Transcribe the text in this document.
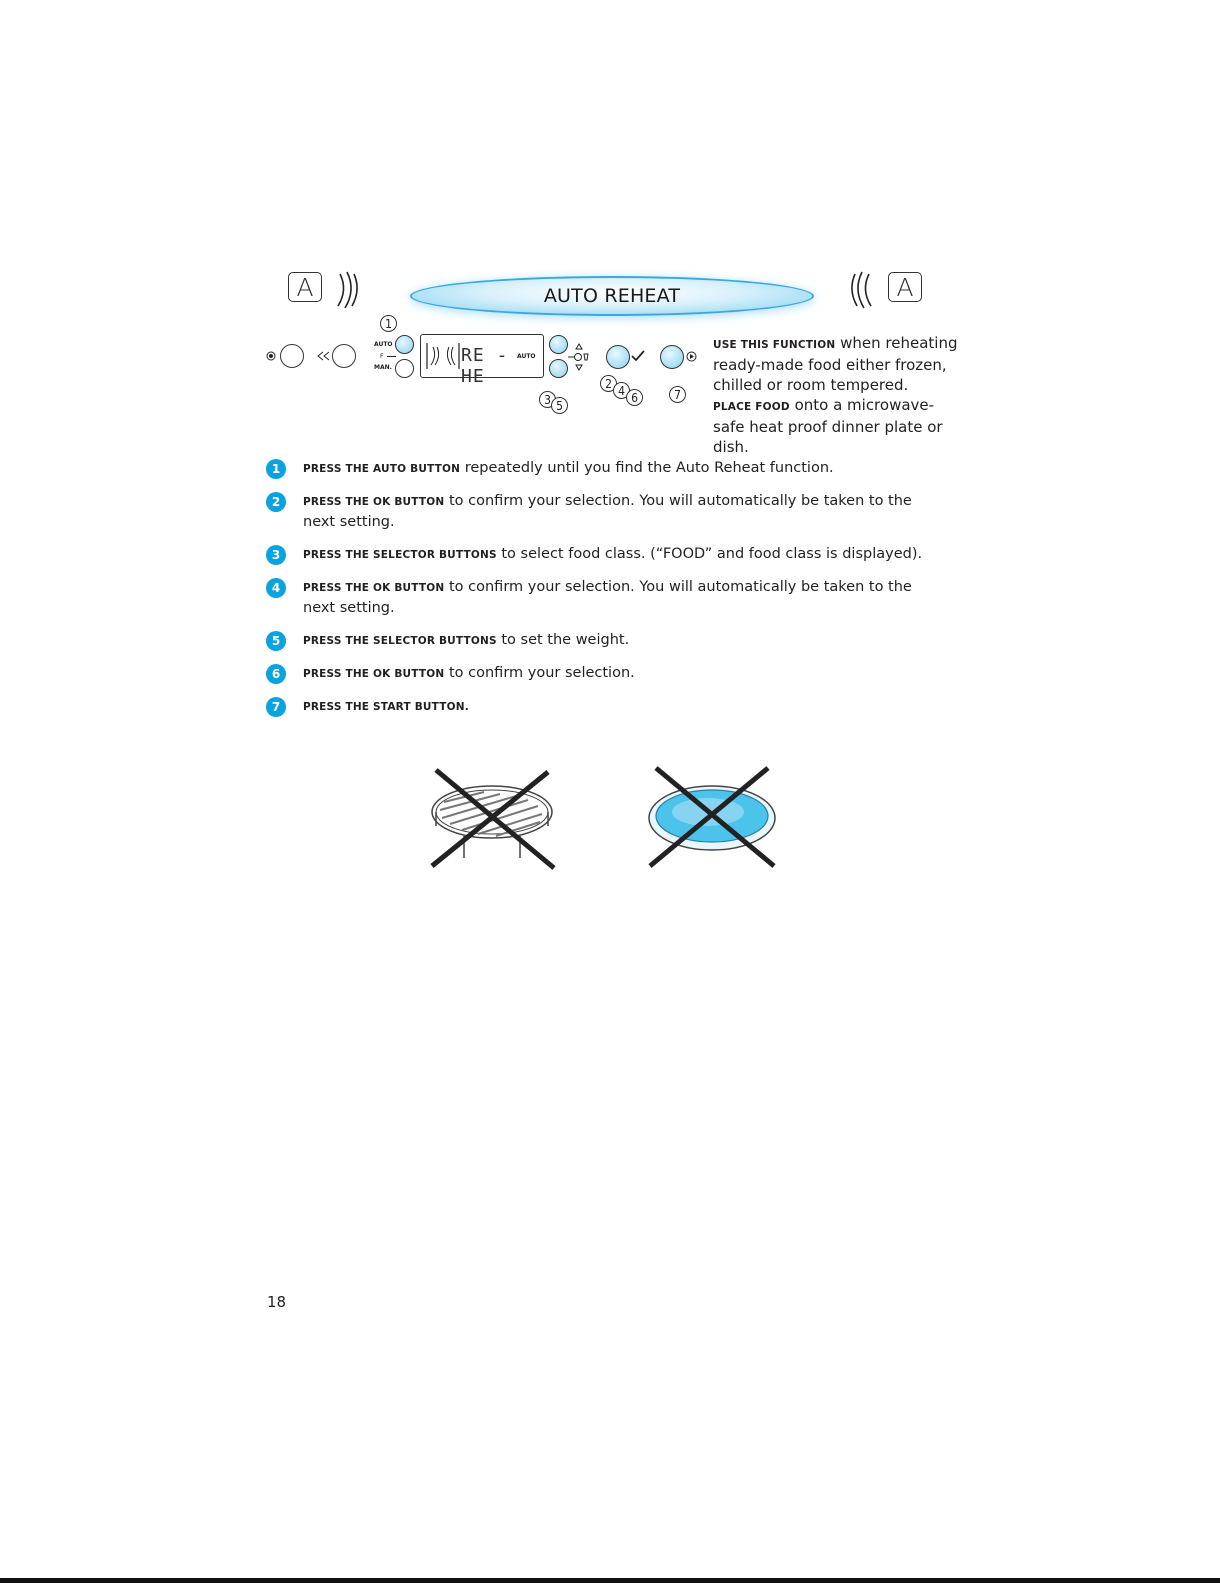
A	AUTO REHEAT	A
AUTO
F
MAN.
1
RE - HE
AUTO
3 5
2 4 6	7
USE THIS FUNCTION when reheating ready-made food either frozen, chilled or room tempered.
PLACE FOOD onto a microwave-safe heat proof dinner plate or dish.
1	PRESS THE AUTO BUTTON repeatedly until you find the Auto Reheat function.
2	PRESS THE OK BUTTON to confirm your selection. You will automatically be taken to the next setting.
3	PRESS THE SELECTOR BUTTONS to select food class. (“FOOD” and food class is displayed).
4	PRESS THE OK BUTTON to confirm your selection. You will automatically be taken to the next setting.
5	PRESS THE SELECTOR BUTTONS to set the weight.
6	PRESS THE OK BUTTON to confirm your selection.
7	PRESS THE START BUTTON.
18
